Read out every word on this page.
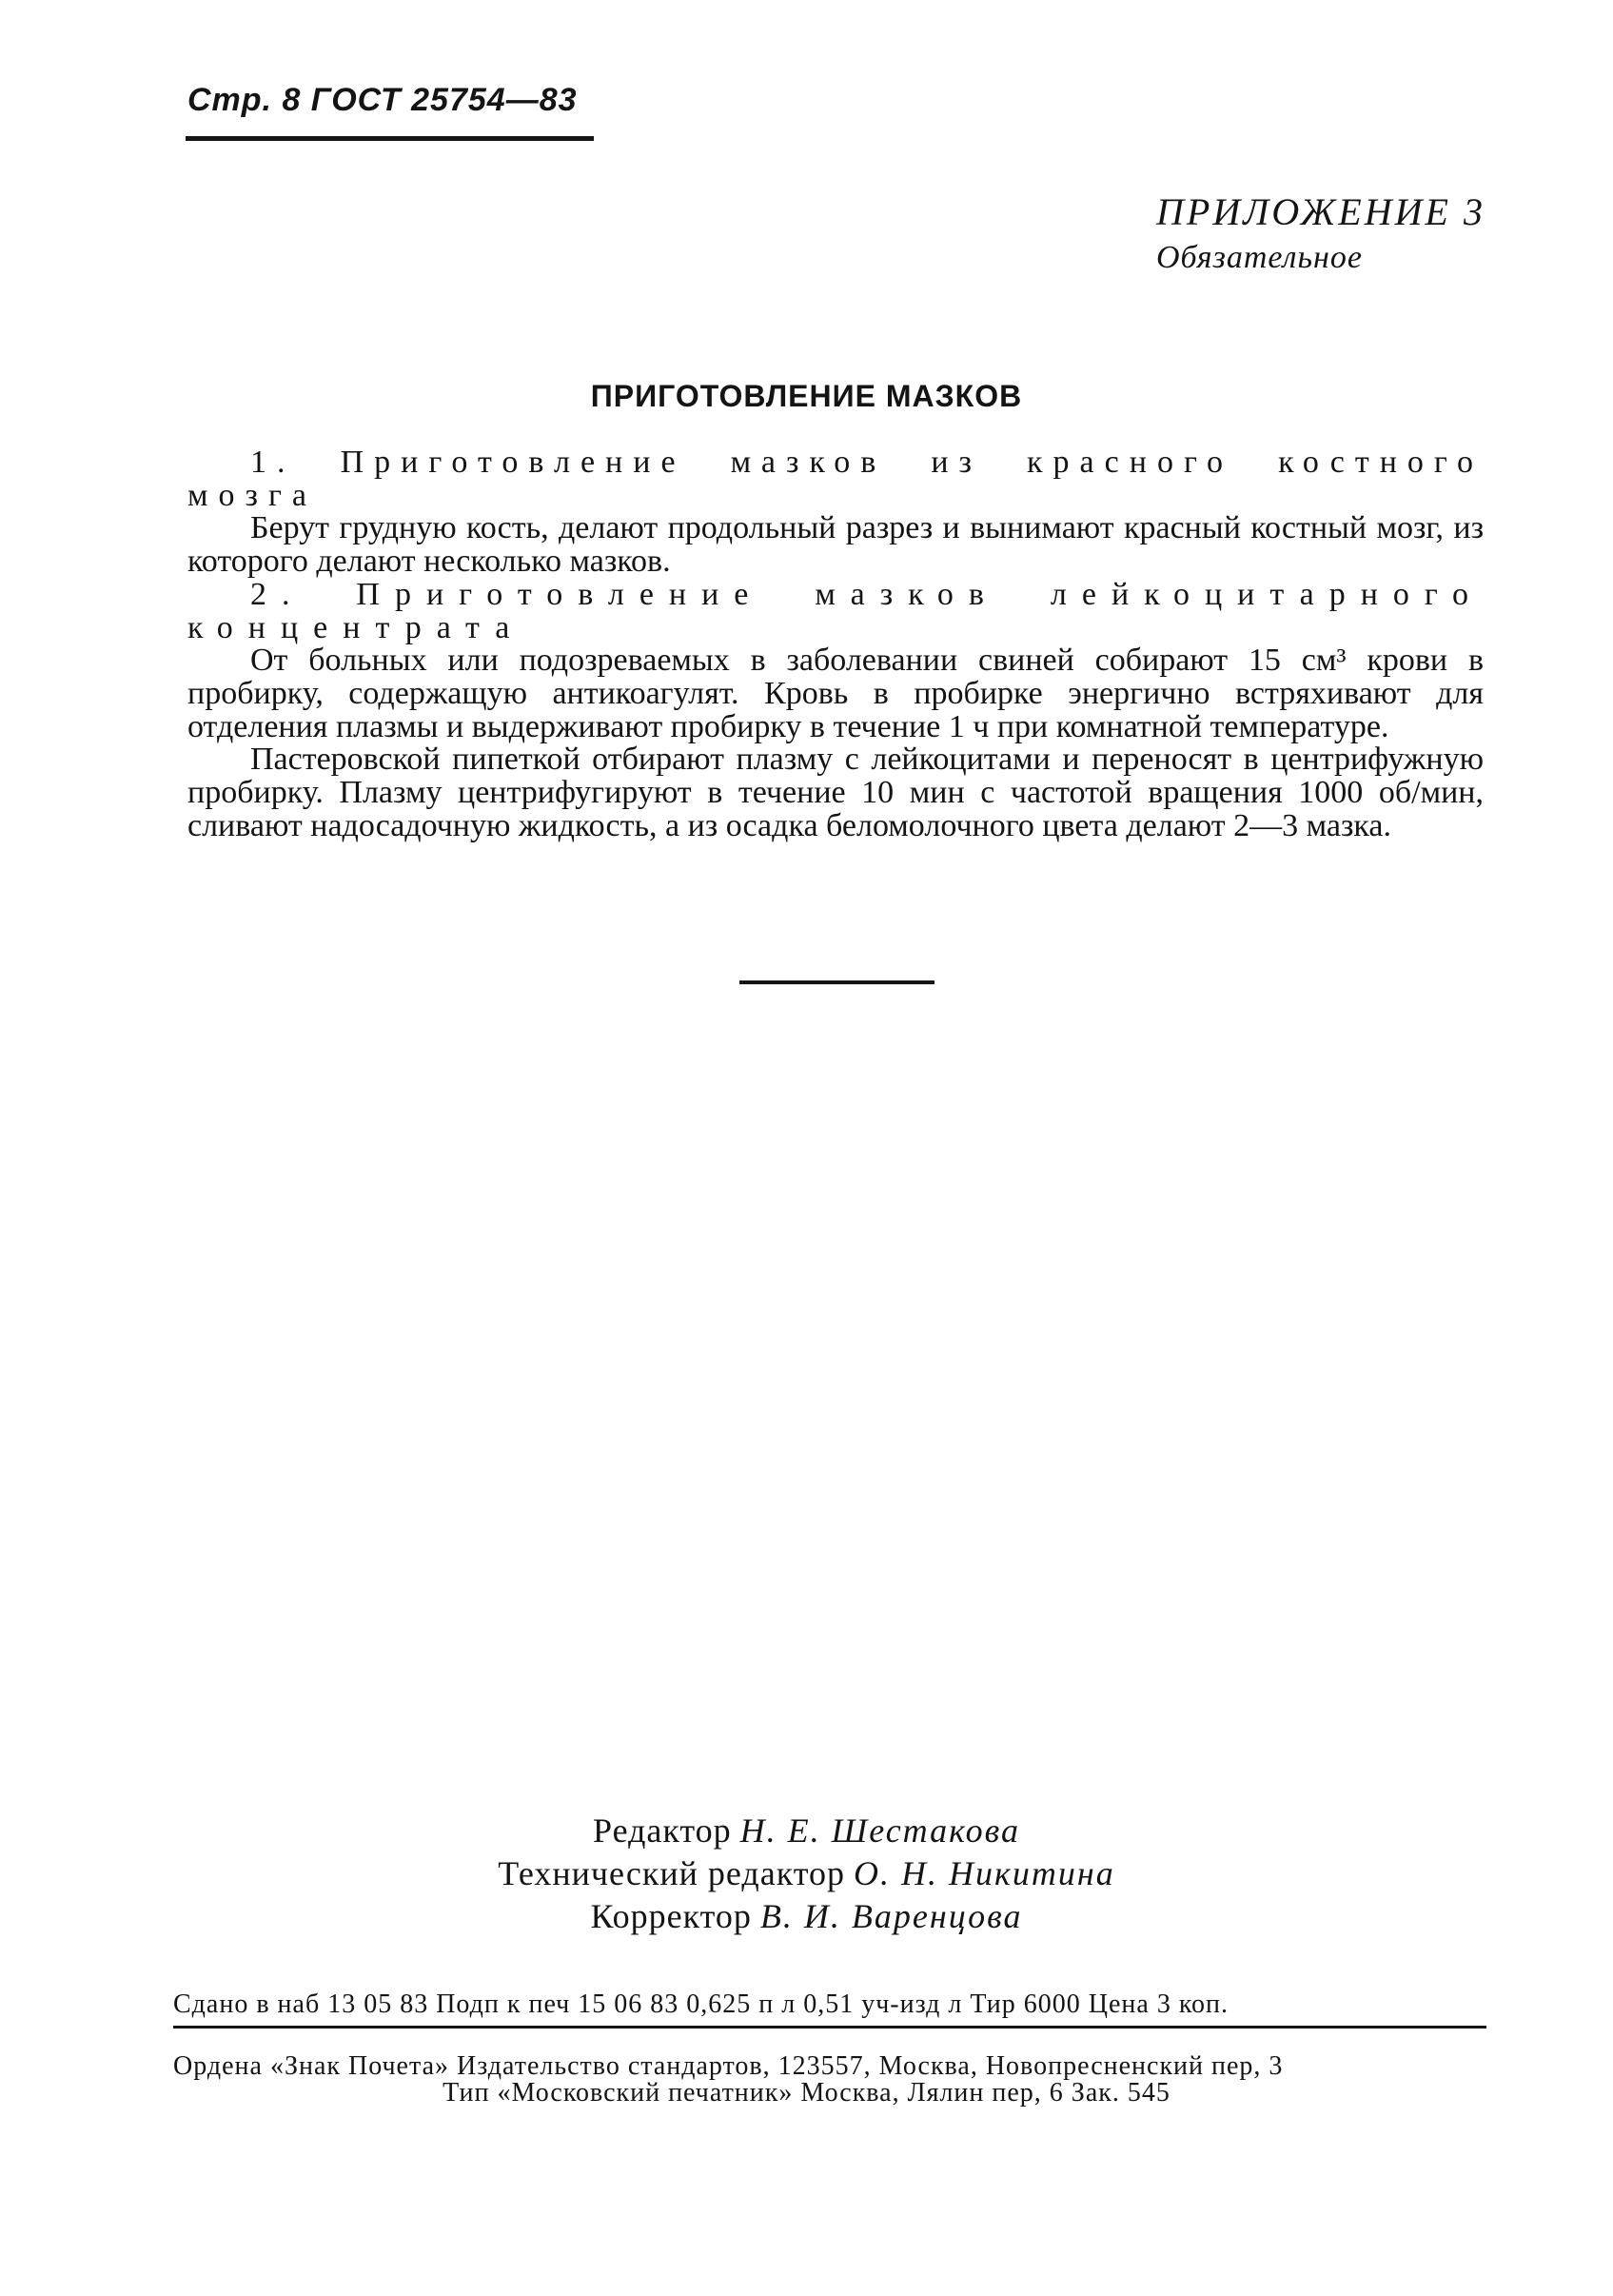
Стр. 8 ГОСТ 25754—83
ПРИЛОЖЕНИЕ 3
Обязательное
ПРИГОТОВЛЕНИЕ МАЗКОВ

1. Приготовление мазков из красного костного мозга

Берут грудную кость, делают продольный разрез и вынимают красный костный мозг, из которого делают несколько мазков.

2. Приготовление мазков лейкоцитарного концентрата

От больных или подозреваемых в заболевании свиней собирают 15 см³ крови в пробирку, содержащую антикоагулят. Кровь в пробирке энергично встряхивают для отделения плазмы и выдерживают пробирку в течение 1 ч при комнатной температуре.

Пастеровской пипеткой отбирают плазму с лейкоцитами и переносят в центрифужную пробирку. Плазму центрифугируют в течение 10 мин с частотой вращения 1000 об/мин, сливают надосадочную жидкость, а из осадка беломолочного цвета делают 2—3 мазка.

Редактор Н. Е. Шестакова
Технический редактор О. Н. Никитина
Корректор В. И. Варенцова
Сдано в наб 13 05 83 Подп к печ 15 06 83 0,625 п л 0,51 уч-изд л Тир 6000 Цена 3 коп.
Ордена «Знак Почета» Издательство стандартов, 123557, Москва, Новопресненский пер, 3
Тип «Московский печатник» Москва, Лялин пер, 6 Зак. 545
